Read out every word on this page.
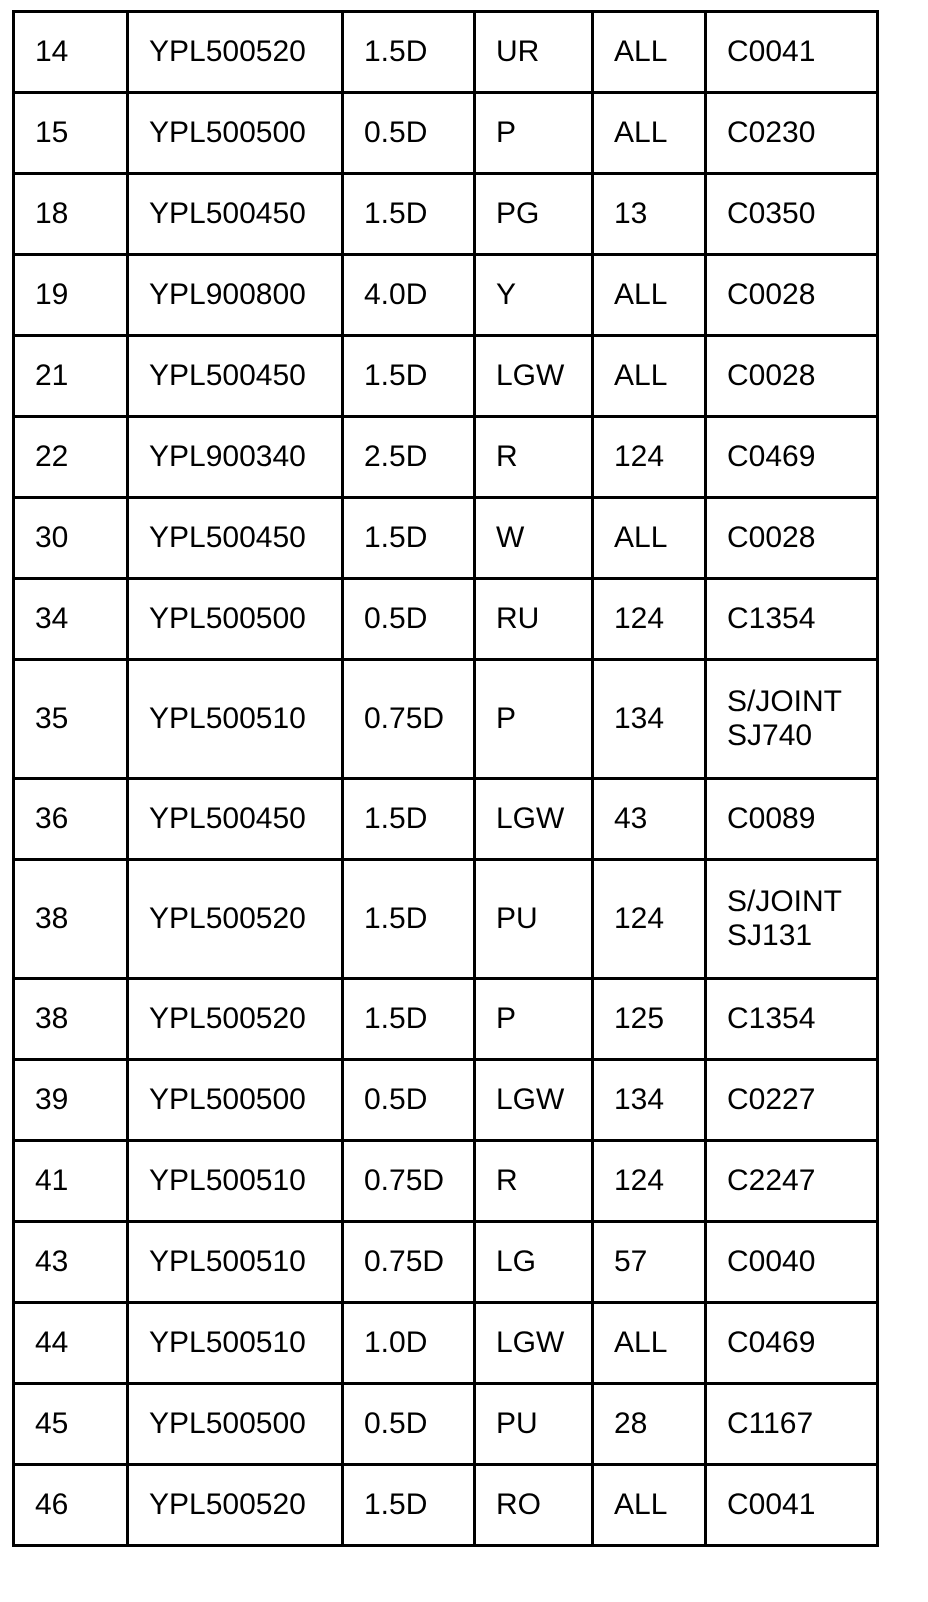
14	YPL500520	1.5D	UR	ALL	C0041
15	YPL500500	0.5D	P	ALL	C0230
18	YPL500450	1.5D	PG	13	C0350
19	YPL900800	4.0D	Y	ALL	C0028
21	YPL500450	1.5D	LGW	ALL	C0028
22	YPL900340	2.5D	R	124	C0469
30	YPL500450	1.5D	W	ALL	C0028
34	YPL500500	0.5D	RU	124	C1354
35	YPL500510	0.75D	P	134	S/JOINT
SJ740
36	YPL500450	1.5D	LGW	43	C0089
38	YPL500520	1.5D	PU	124	S/JOINT
SJ131
38	YPL500520	1.5D	P	125	C1354
39	YPL500500	0.5D	LGW	134	C0227
41	YPL500510	0.75D	R	124	C2247
43	YPL500510	0.75D	LG	57	C0040
44	YPL500510	1.0D	LGW	ALL	C0469
45	YPL500500	0.5D	PU	28	C1167
46	YPL500520	1.5D	RO	ALL	C0041
